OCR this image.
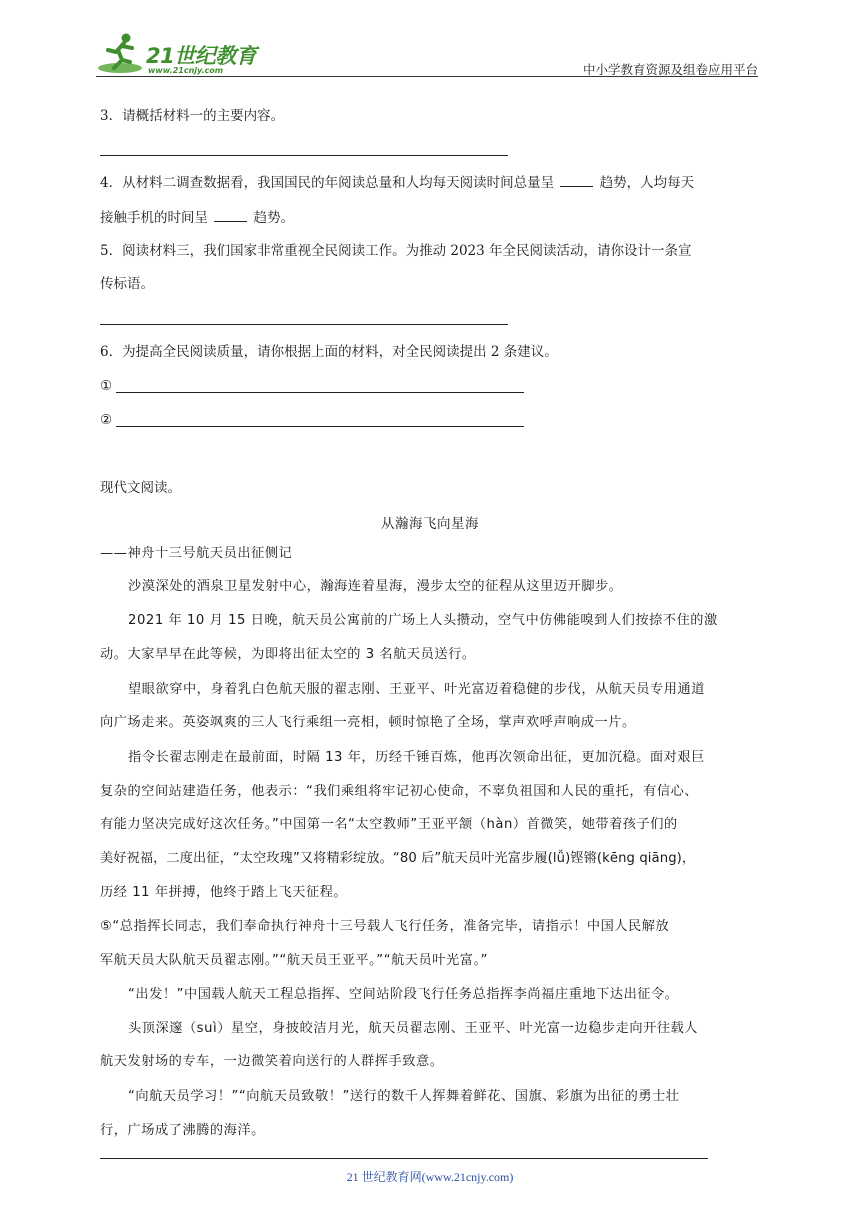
21世纪教育
www.21cnjy.com	中小学教育资源及组卷应用平台
3．请概括材料一的主要内容。
4．从材料二调查数据看，我国国民的年阅读总量和人均每天阅读时间总量呈	趋势，人均每天
接触手机的时间呈	趋势。
5．阅读材料三，我们国家非常重视全民阅读工作。为推动 2023 年全民阅读活动，请你设计一条宣
传标语。
6．为提高全民阅读质量，请你根据上面的材料，对全民阅读提出 2 条建议。
①
②
现代文阅读。
从瀚海飞向星海
——神舟十三号航天员出征侧记
沙漠深处的酒泉卫星发射中心，瀚海连着星海，漫步太空的征程从这里迈开脚步。
2021 年 10 月 15 日晚，航天员公寓前的广场上人头攒动，空气中仿佛能嗅到人们按捺不住的激
动。大家早早在此等候，为即将出征太空的 3 名航天员送行。
望眼欲穿中，身着乳白色航天服的翟志刚、王亚平、叶光富迈着稳健的步伐，从航天员专用通道
向广场走来。英姿飒爽的三人飞行乘组一亮相，顿时惊艳了全场，掌声欢呼声响成一片。
指令长翟志刚走在最前面，时隔 13 年，历经千锤百炼，他再次领命出征，更加沉稳。面对艰巨
复杂的空间站建造任务，他表示：“我们乘组将牢记初心使命，不辜负祖国和人民的重托，有信心、
有能力坚决完成好这次任务。”中国第一名“太空教师”王亚平颔（hàn）首微笑，她带着孩子们的
美好祝福，二度出征，“太空玫瑰”又将精彩绽放。“80 后”航天员叶光富步履(lǚ)铿锵(kēng qiāng)，
历经 11 年拼搏，他终于踏上飞天征程。
⑤“总指挥长同志，我们奉命执行神舟十三号载人飞行任务，准备完毕，请指示！中国人民解放
军航天员大队航天员翟志刚。”“航天员王亚平。”“航天员叶光富。”
“出发！”中国载人航天工程总指挥、空间站阶段飞行任务总指挥李尚福庄重地下达出征令。
头顶深邃（suì）星空，身披皎洁月光，航天员翟志刚、王亚平、叶光富一边稳步走向开往载人
航天发射场的专车，一边微笑着向送行的人群挥手致意。
“向航天员学习！”“向航天员致敬！”送行的数千人挥舞着鲜花、国旗、彩旗为出征的勇士壮
行，广场成了沸腾的海洋。
21 世纪教育网(www.21cnjy.com)
